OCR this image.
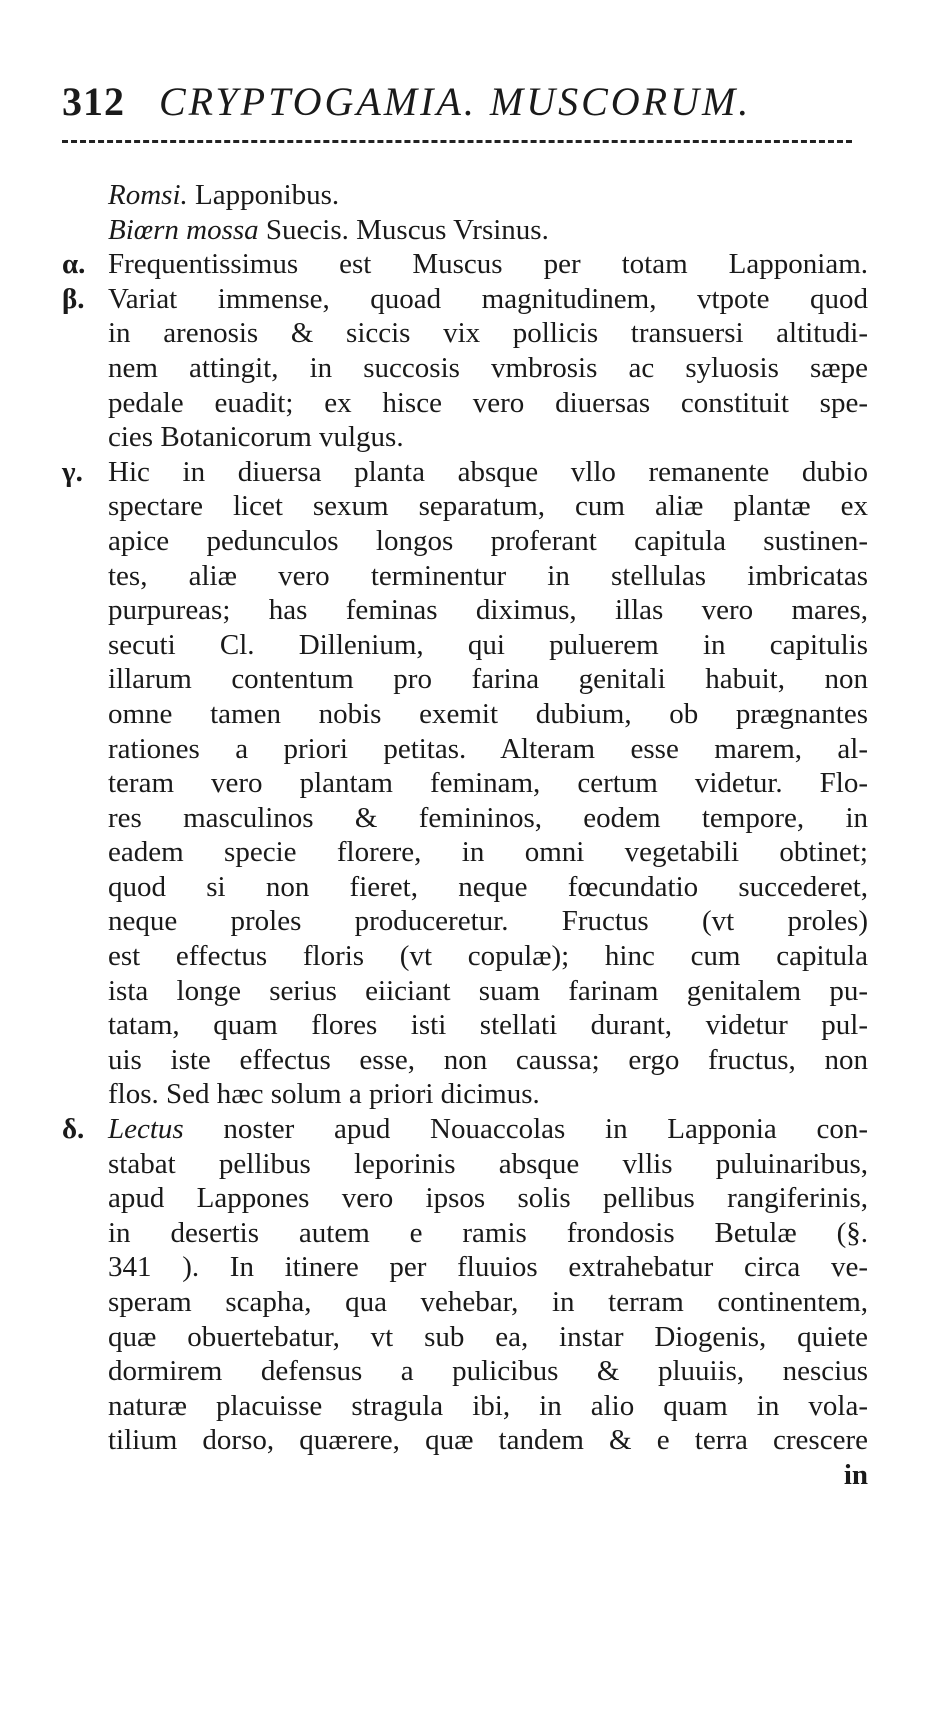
312 CRYPTOGAMIA. MUSCORUM.
Romsi. Lapponibus.
Biœrn mossa Suecis. Muscus Vrsinus.
α. Frequentissimus est Muscus per totam Lapponiam.
β. Variat immense, quoad magnitudinem, vtpote quod
in arenosis & siccis vix pollicis transuersi altitudi-
nem attingit, in succosis vmbrosis ac syluosis sæpe
pedale euadit; ex hisce vero diuersas constituit spe-
cies Botanicorum vulgus.
γ. Hic in diuersa planta absque vllo remanente dubio
spectare licet sexum separatum, cum aliæ plantæ ex
apice pedunculos longos proferant capitula sustinen-
tes, aliæ vero terminentur in stellulas imbricatas
purpureas; has feminas diximus, illas vero mares,
secuti Cl. Dillenium, qui puluerem in capitulis
illarum contentum pro farina genitali habuit, non
omne tamen nobis exemit dubium, ob prægnantes
rationes a priori petitas. Alteram esse marem, al-
teram vero plantam feminam, certum videtur. Flo-
res masculinos & femininos, eodem tempore, in
eadem specie florere, in omni vegetabili obtinet;
quod si non fieret, neque fœcundatio succederet,
neque proles produceretur. Fructus (vt proles)
est effectus floris (vt copulæ); hinc cum capitula
ista longe serius eiiciant suam farinam genitalem pu-
tatam, quam flores isti stellati durant, videtur pul-
uis iste effectus esse, non caussa; ergo fructus, non
flos. Sed hæc solum a priori dicimus.
δ. Lectus noster apud Nouaccolas in Lapponia con-
stabat pellibus leporinis absque vllis puluinaribus,
apud Lappones vero ipsos solis pellibus rangiferinis,
in desertis autem e ramis frondosis Betulæ (§.
341 ). In itinere per fluuios extrahebatur circa ve-
speram scapha, qua vehebar, in terram continentem,
quæ obuertebatur, vt sub ea, instar Diogenis, quiete
dormirem defensus a pulicibus & pluuiis, nescius
naturæ placuisse stragula ibi, in alio quam in vola-
tilium dorso, quærere, quæ tandem & e terra crescere
in
